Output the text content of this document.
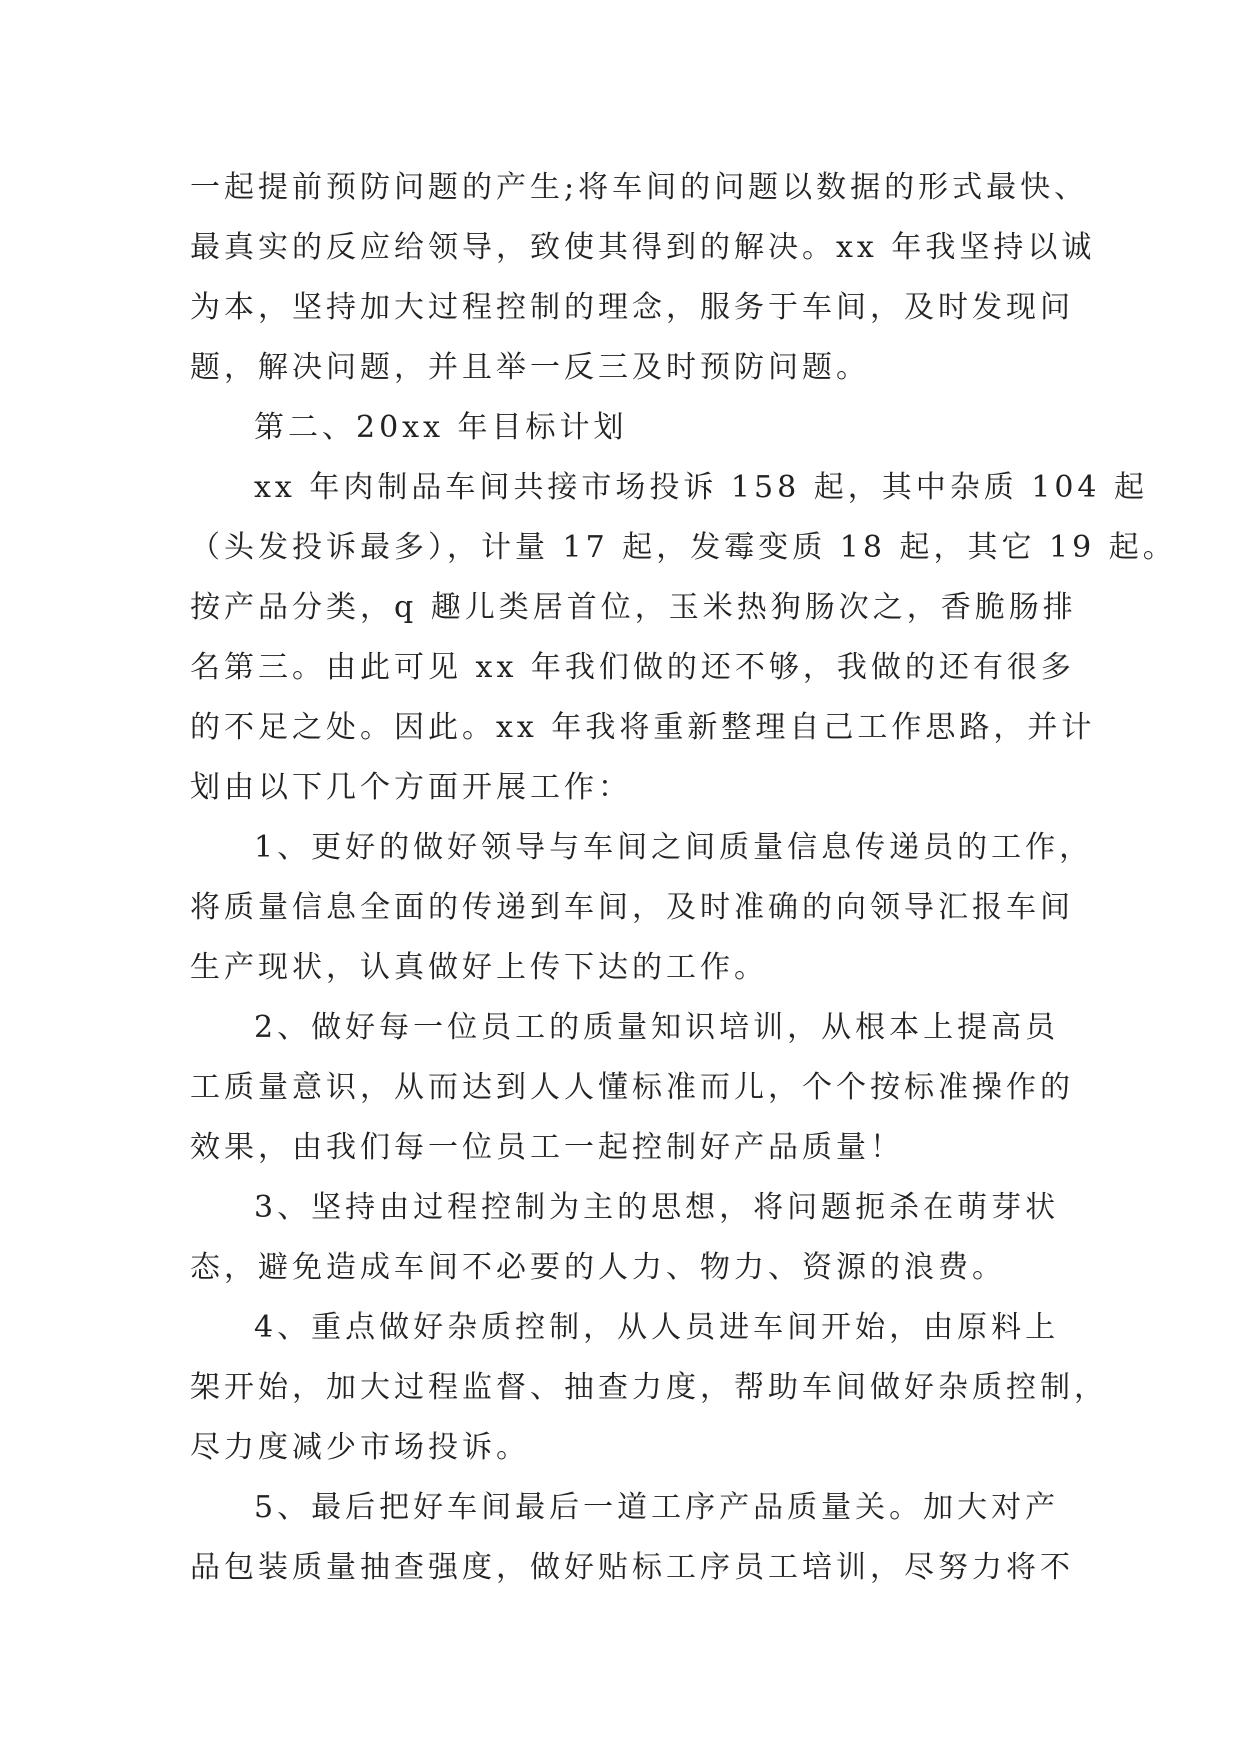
一起提前预防问题的产生;将车间的问题以数据的形式最快、
最真实的反应给领导，致使其得到的解决。xx 年我坚持以诚
为本，坚持加大过程控制的理念，服务于车间，及时发现问
题，解决问题，并且举一反三及时预防问题。
第二、20xx 年目标计划
xx 年肉制品车间共接市场投诉 158 起，其中杂质 104 起
（头发投诉最多），计量 17 起，发霉变质 18 起，其它 19 起。
按产品分类，q 趣儿类居首位，玉米热狗肠次之，香脆肠排
名第三。由此可见 xx 年我们做的还不够，我做的还有很多
的不足之处。因此。xx 年我将重新整理自己工作思路，并计
划由以下几个方面开展工作：
1、更好的做好领导与车间之间质量信息传递员的工作，
将质量信息全面的传递到车间，及时准确的向领导汇报车间
生产现状，认真做好上传下达的工作。
2、做好每一位员工的质量知识培训，从根本上提高员
工质量意识，从而达到人人懂标准而儿，个个按标准操作的
效果，由我们每一位员工一起控制好产品质量！
3、坚持由过程控制为主的思想，将问题扼杀在萌芽状
态，避免造成车间不必要的人力、物力、资源的浪费。
4、重点做好杂质控制，从人员进车间开始，由原料上
架开始，加大过程监督、抽查力度，帮助车间做好杂质控制，
尽力度减少市场投诉。
5、最后把好车间最后一道工序产品质量关。加大对产
品包装质量抽查强度，做好贴标工序员工培训，尽努力将不
